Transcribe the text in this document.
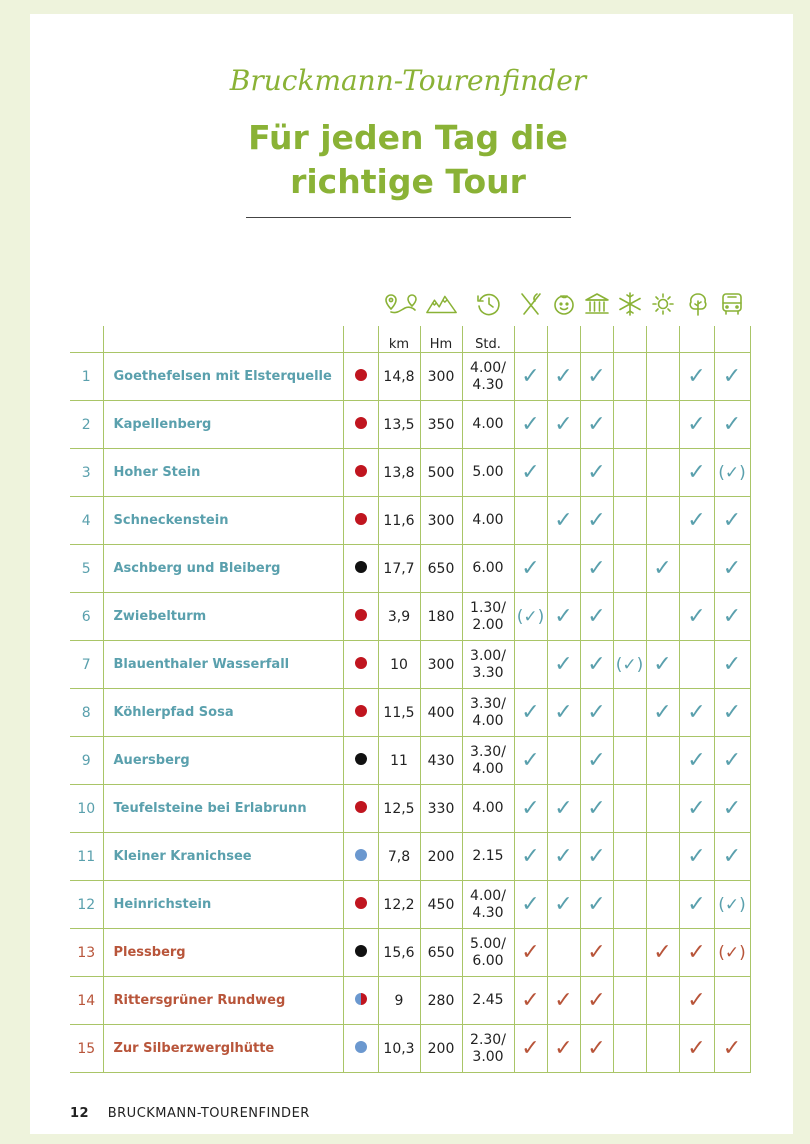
Bruckmann-Tourenfinder
Für jeden Tag die
richtige Tour
			km	Hm	Std.							
1	Goethefelsen mit Elsterquelle		14,8	300	4.00/
4.30	✓	✓	✓			✓	✓
2	Kapellenberg		13,5	350	4.00	✓	✓	✓			✓	✓
3	Hoher Stein		13,8	500	5.00	✓		✓			✓	(✓)
4	Schneckenstein		11,6	300	4.00		✓	✓			✓	✓
5	Aschberg und Bleiberg		17,7	650	6.00	✓		✓		✓		✓
6	Zwiebelturm		3,9	180	1.30/
2.00	(✓)	✓	✓			✓	✓
7	Blauenthaler Wasserfall		10	300	3.00/
3.30		✓	✓	(✓)	✓		✓
8	Köhlerpfad Sosa		11,5	400	3.30/
4.00	✓	✓	✓		✓	✓	✓
9	Auersberg		11	430	3.30/
4.00	✓		✓			✓	✓
10	Teufelsteine bei Erlabrunn		12,5	330	4.00	✓	✓	✓			✓	✓
11	Kleiner Kranichsee		7,8	200	2.15	✓	✓	✓			✓	✓
12	Heinrichstein		12,2	450	4.00/
4.30	✓	✓	✓			✓	(✓)
13	Plessberg		15,6	650	5.00/
6.00	✓		✓		✓	✓	(✓)
14	Rittersgrüner Rundweg		9	280	2.45	✓	✓	✓			✓	
15	Zur Silberzwerglhütte		10,3	200	2.30/
3.00	✓	✓	✓			✓	✓
12 BRUCKMANN-TOURENFINDER
